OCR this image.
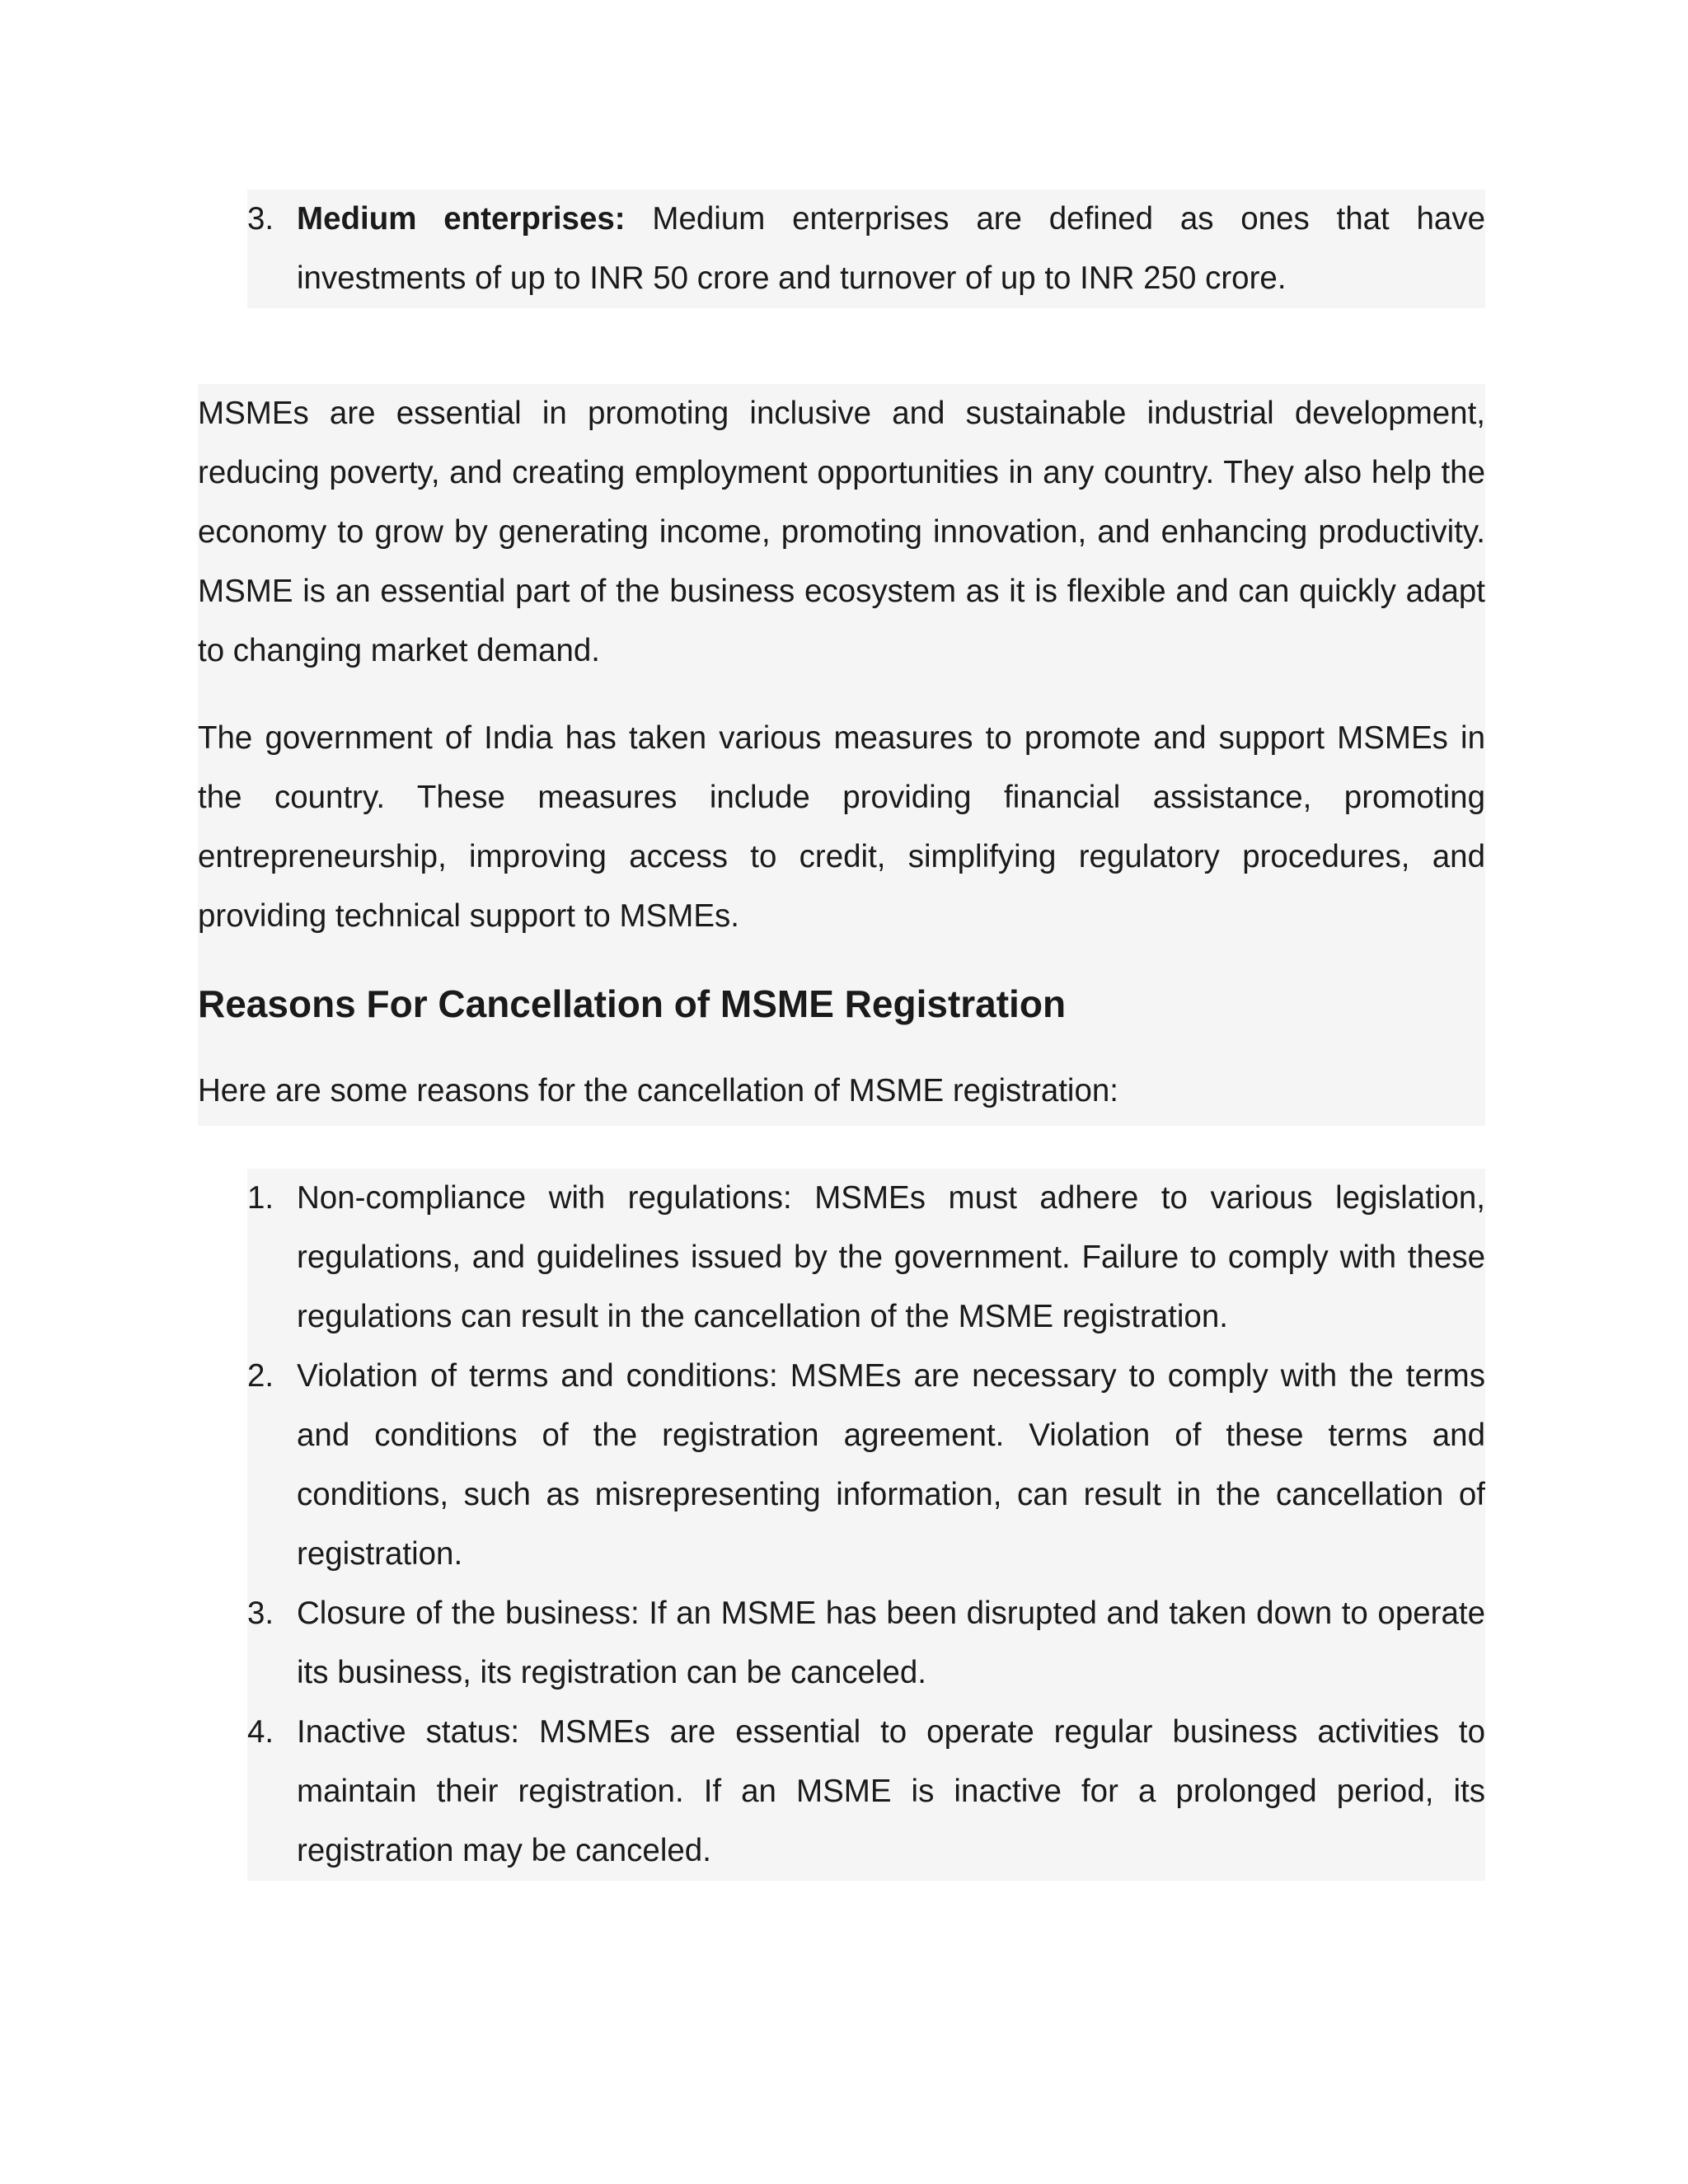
3. Medium enterprises: Medium enterprises are defined as ones that have investments of up to INR 50 crore and turnover of up to INR 250 crore.

MSMEs are essential in promoting inclusive and sustainable industrial development, reducing poverty, and creating employment opportunities in any country. They also help the economy to grow by generating income, promoting innovation, and enhancing productivity. MSME is an essential part of the business ecosystem as it is flexible and can quickly adapt to changing market demand.

The government of India has taken various measures to promote and support MSMEs in the country. These measures include providing financial assistance, promoting entrepreneurship, improving access to credit, simplifying regulatory procedures, and providing technical support to MSMEs.

Reasons For Cancellation of MSME Registration

Here are some reasons for the cancellation of MSME registration:

1. Non-compliance with regulations: MSMEs must adhere to various legislation, regulations, and guidelines issued by the government. Failure to comply with these regulations can result in the cancellation of the MSME registration.

2. Violation of terms and conditions: MSMEs are necessary to comply with the terms and conditions of the registration agreement. Violation of these terms and conditions, such as misrepresenting information, can result in the cancellation of registration.

3. Closure of the business: If an MSME has been disrupted and taken down to operate its business, its registration can be canceled.

4. Inactive status: MSMEs are essential to operate regular business activities to maintain their registration. If an MSME is inactive for a prolonged period, its registration may be canceled.
